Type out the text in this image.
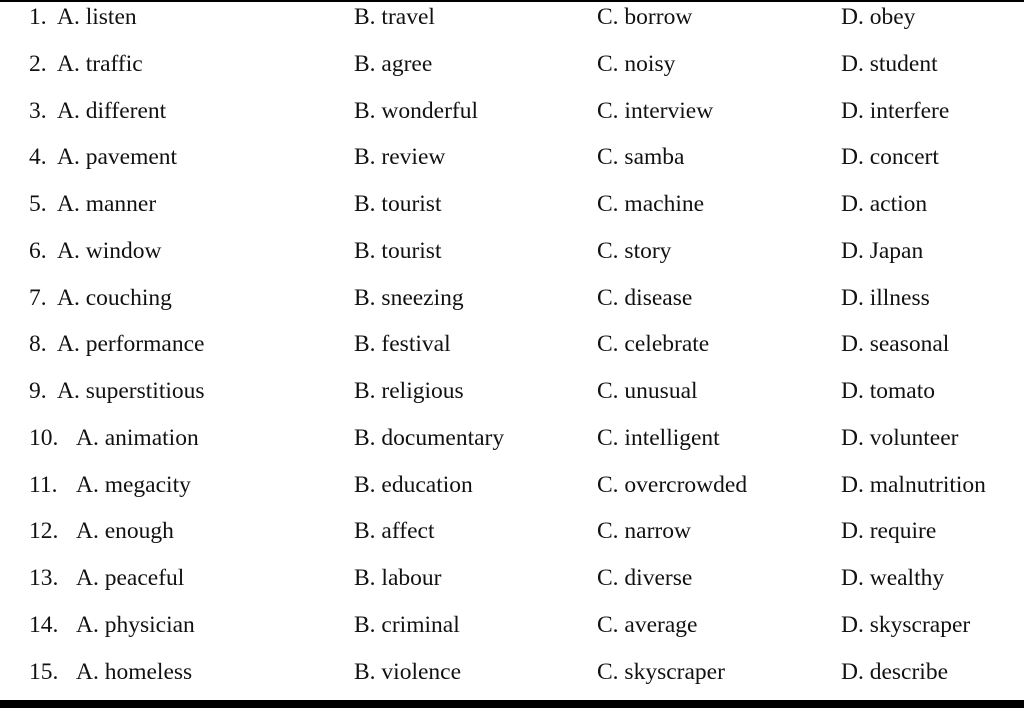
1. A. listen	B. travel	C. borrow	D. obey
2. A. traffic	B. agree	C. noisy	D. student
3. A. different	B. wonderful	C. interview	D. interfere
4. A. pavement	B. review	C. samba	D. concert
5. A. manner	B. tourist	C. machine	D. action
6. A. window	B. tourist	C. story	D. Japan
7. A. couching	B. sneezing	C. disease	D. illness
8. A. performance	B. festival	C. celebrate	D. seasonal
9. A. superstitious	B. religious	C. unusual	D. tomato
10. A. animation	B. documentary	C. intelligent	D. volunteer
11. A. megacity	B. education	C. overcrowded	D. malnutrition
12. A. enough	B. affect	C. narrow	D. require
13. A. peaceful	B. labour	C. diverse	D. wealthy
14. A. physician	B. criminal	C. average	D. skyscraper
15. A. homeless	B. violence	C. skyscraper	D. describe
